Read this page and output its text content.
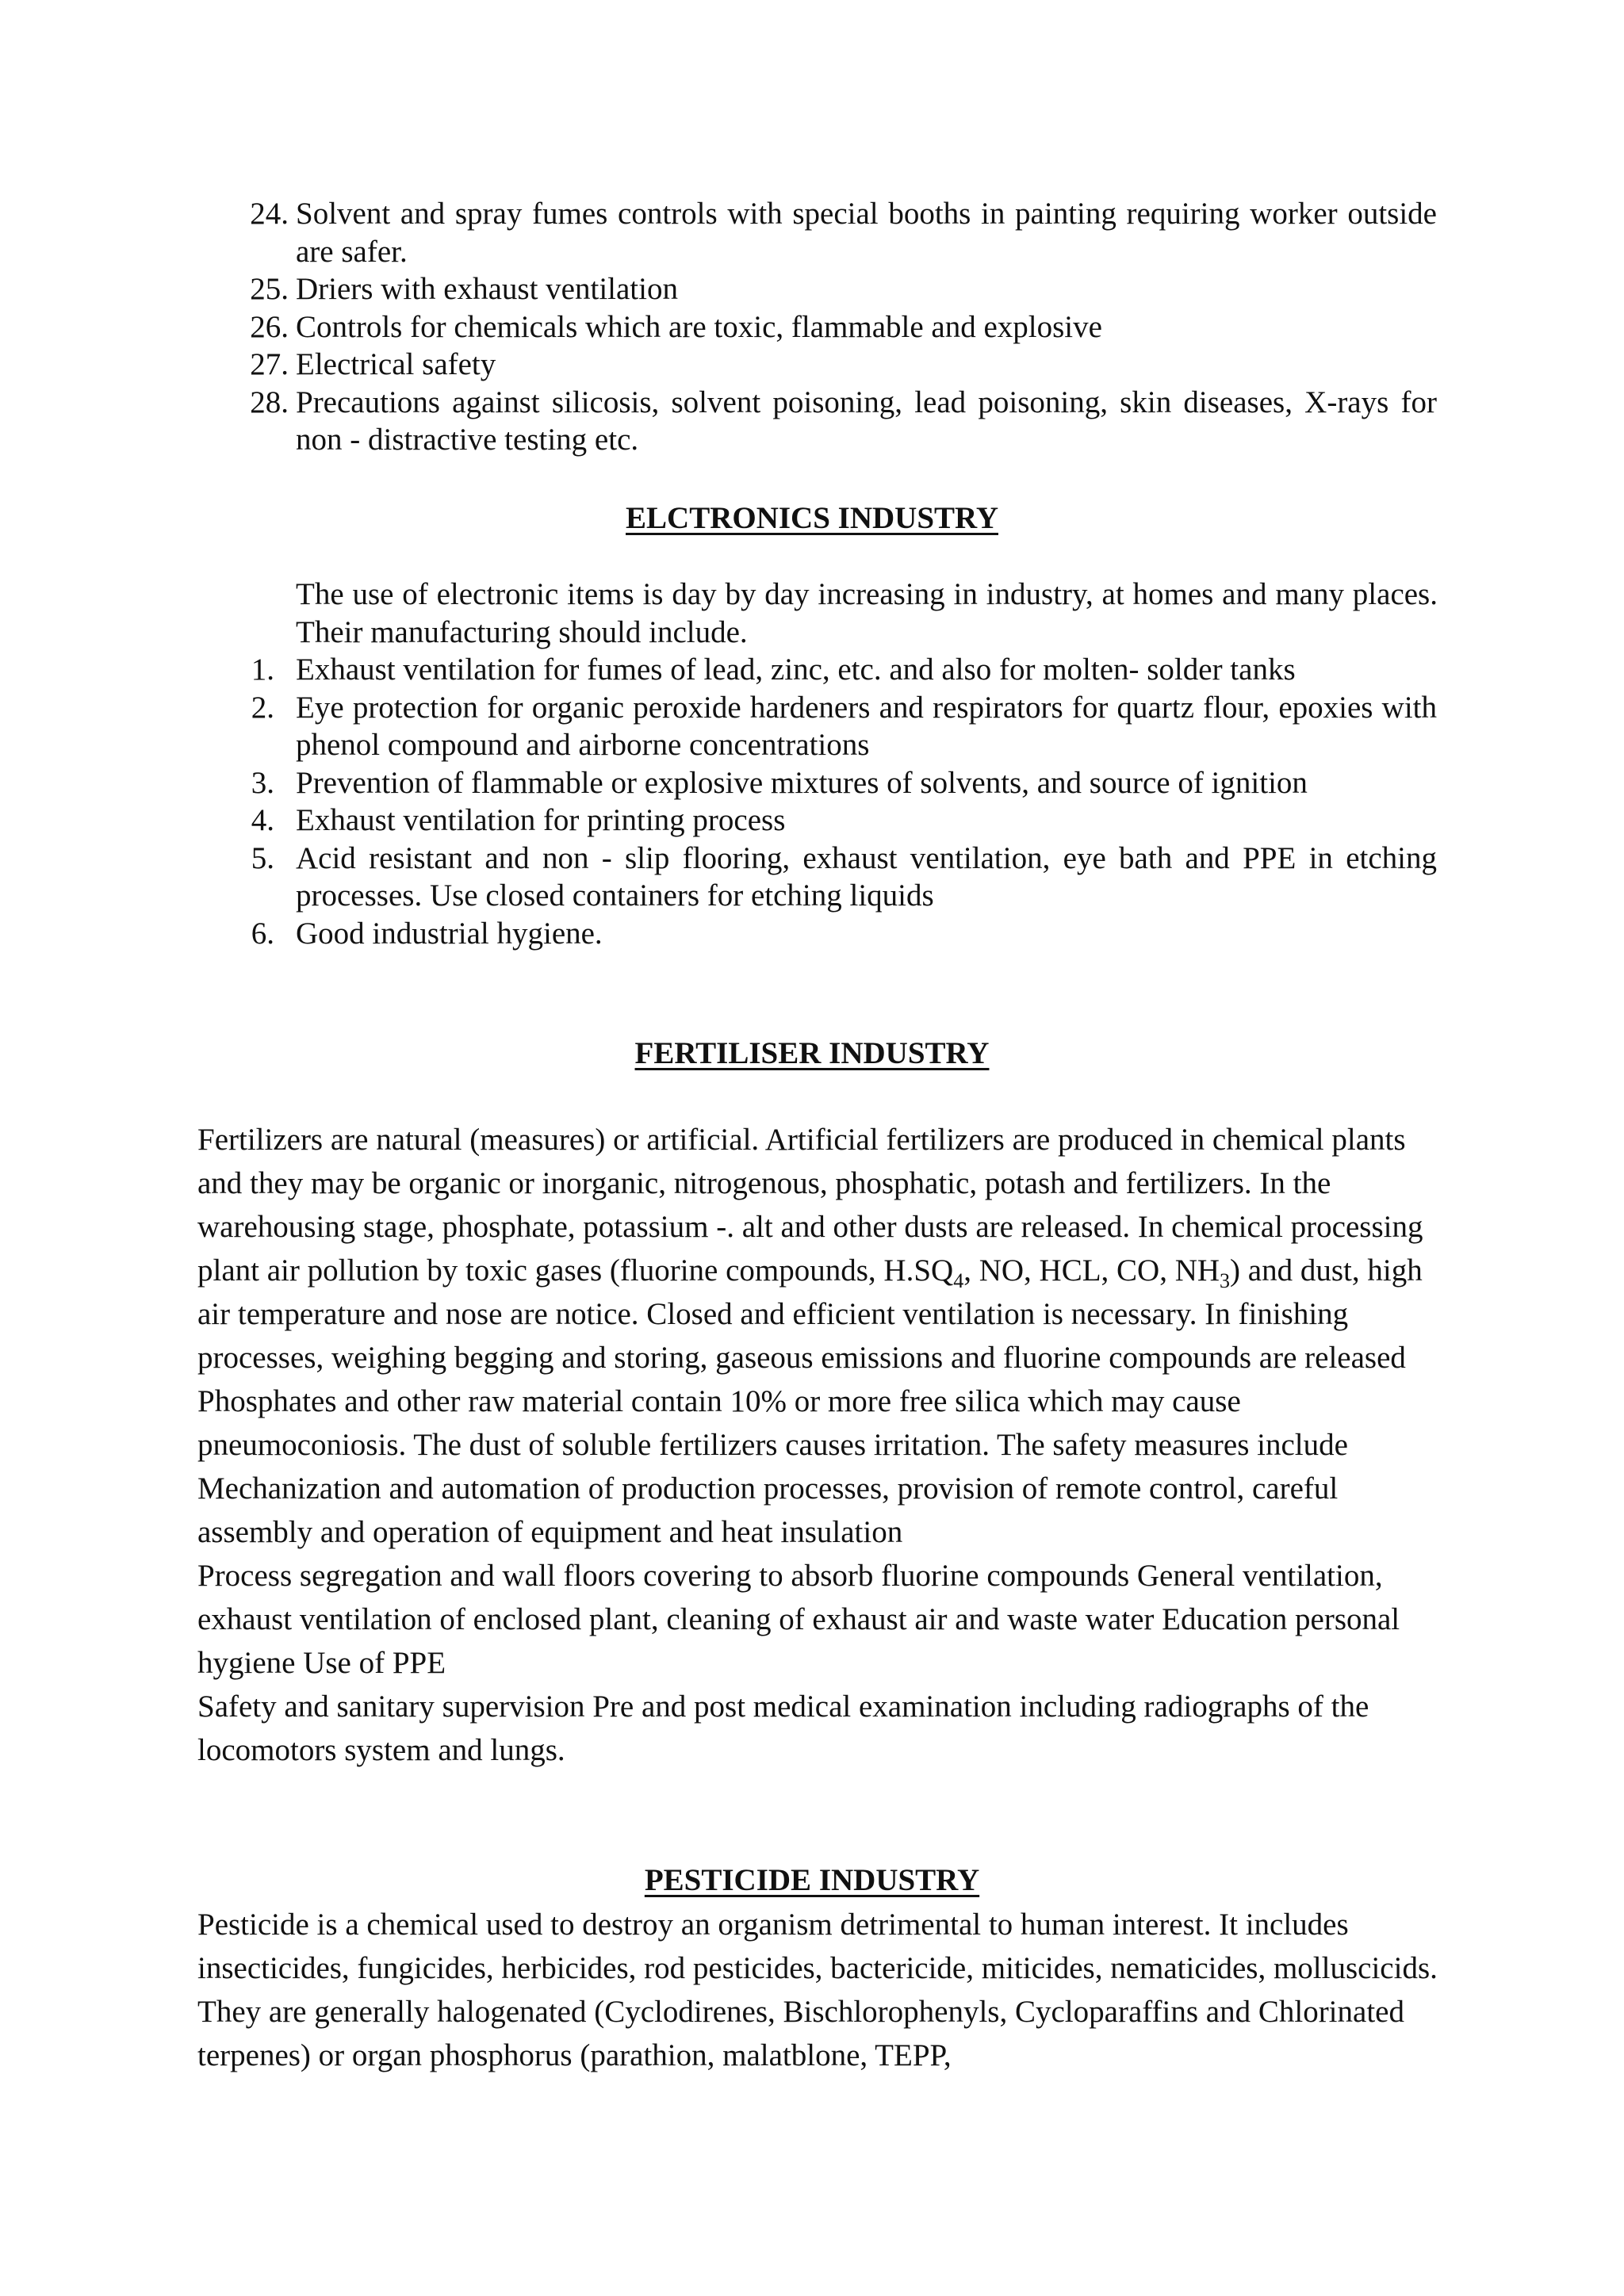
24. Solvent and spray fumes controls with special booths in painting requiring worker outside are safer.
25. Driers with exhaust ventilation
26. Controls for chemicals which are toxic, flammable and explosive
27. Electrical safety
28. Precautions against silicosis, solvent poisoning, lead poisoning, skin diseases, X-rays for non - distractive testing etc.
ELCTRONICS INDUSTRY
The use of electronic items is day by day increasing in industry, at homes and many places. Their manufacturing should include.
1. Exhaust ventilation for fumes of lead, zinc, etc. and also for molten- solder tanks
2. Eye protection for organic peroxide hardeners and respirators for quartz flour, epoxies with phenol compound and airborne concentrations
3. Prevention of flammable or explosive mixtures of solvents, and source of ignition
4. Exhaust ventilation for printing process
5. Acid resistant and non - slip flooring, exhaust ventilation, eye bath and PPE in etching processes. Use closed containers for etching liquids
6. Good industrial hygiene.
FERTILISER INDUSTRY

Fertilizers are natural (measures) or artificial. Artificial fertilizers are produced in chemical plants and they may be organic or inorganic, nitrogenous, phosphatic, potash and fertilizers. In the warehousing stage, phosphate, potassium -. alt and other dusts are released. In chemical processing plant air pollution by toxic gases (fluorine compounds, $H.SQ_4$, NO, HCL, CO, $NH_3$) and dust, high air temperature and nose are notice. Closed and efficient ventilation is necessary. In finishing processes, weighing begging and storing, gaseous emissions and fluorine compounds are released Phosphates and other raw material contain 10% or more free silica which may cause pneumoconiosis. The dust of soluble fertilizers causes irritation. The safety measures include

Mechanization and automation of production processes, provision of remote control, careful assembly and operation of equipment and heat insulation

Process segregation and wall floors covering to absorb fluorine compounds General ventilation, exhaust ventilation of enclosed plant, cleaning of exhaust air and waste water Education personal hygiene Use of PPE

Safety and sanitary supervision Pre and post medical examination including radiographs of the locomotors system and lungs.

PESTICIDE INDUSTRY

Pesticide is a chemical used to destroy an organism detrimental to human interest. It includes insecticides, fungicides, herbicides, rod pesticides, bactericide, miticides, nematicides, molluscicids. They are generally halogenated (Cyclodirenes, Bischlorophenyls, Cycloparaffins and Chlorinated terpenes) or organ phosphorus (parathion, malatblone, TEPP,
